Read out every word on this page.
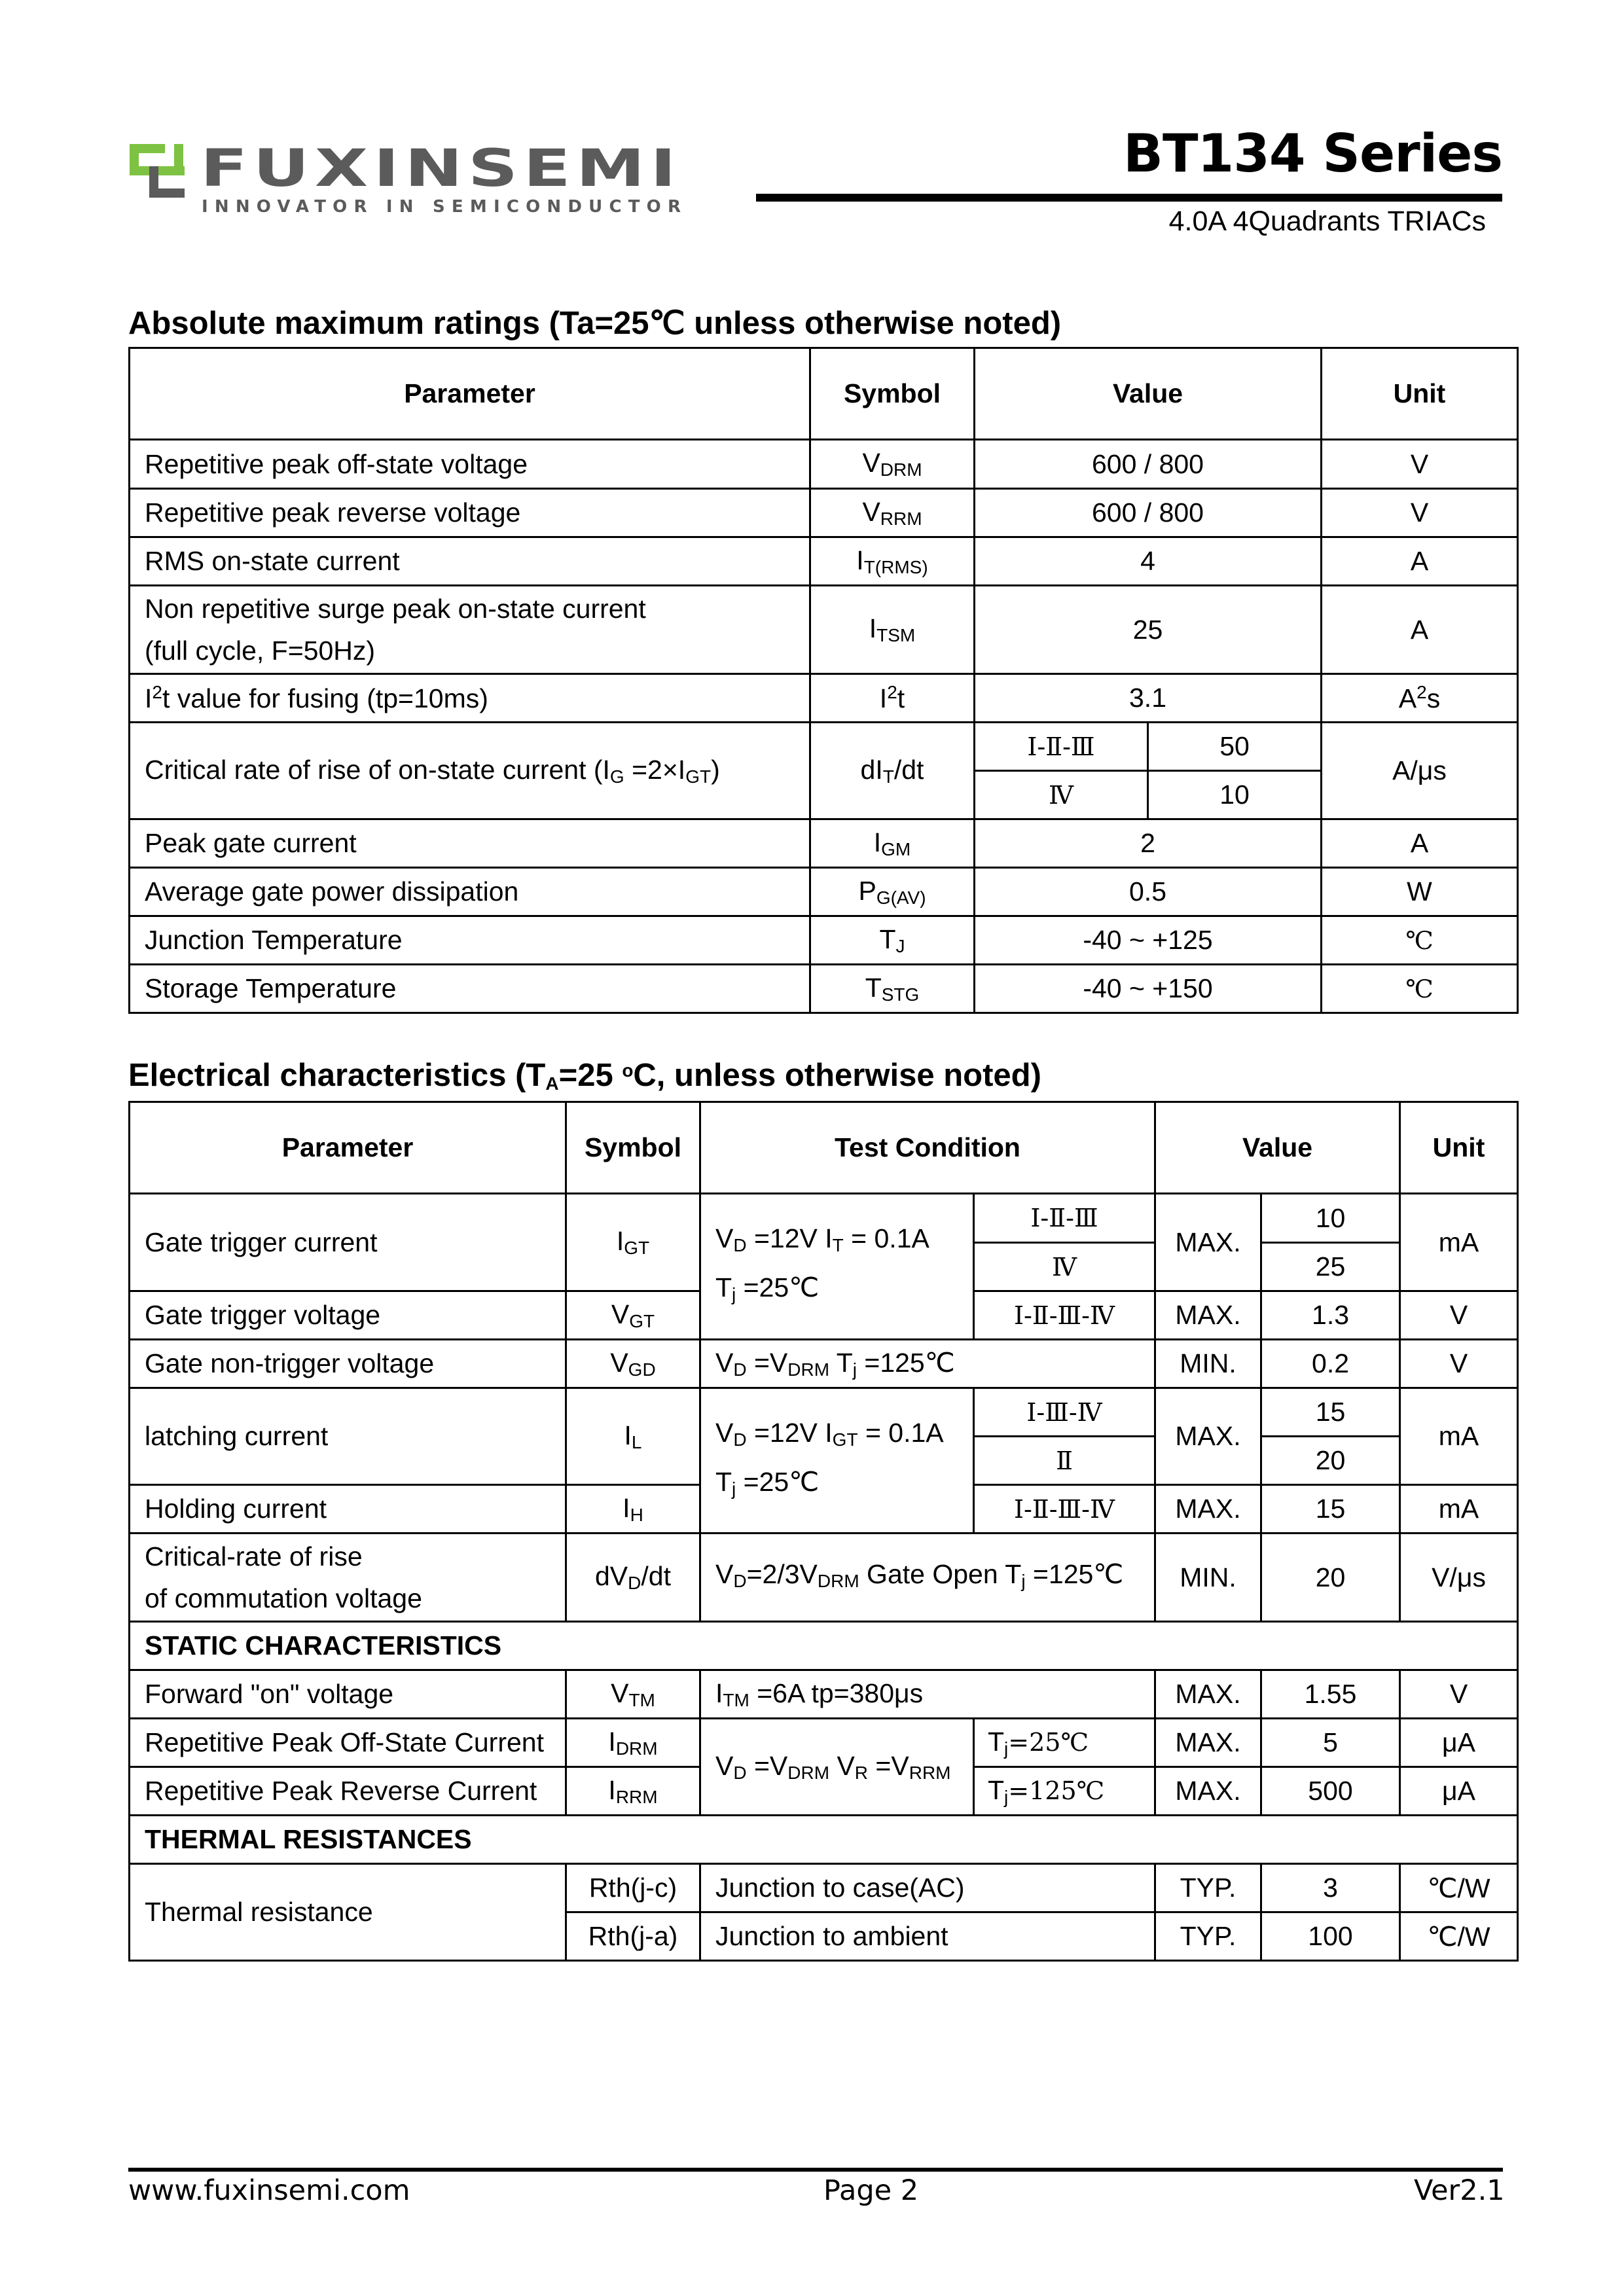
FUXINSEMI
INNOVATOR IN SEMICONDUCTOR
BT134 Series
4.0A 4Quadrants TRIACs
Absolute maximum ratings (Ta=25℃ unless otherwise noted)
Parameter	Symbol	Value		Unit
Repetitive peak off-state voltage	$V_{DRM}$	600 / 800		V
Repetitive peak reverse voltage	$V_{RRM}$	600 / 800		V
RMS on-state current	$I_{T(RMS)}$	4		A

Non repetitive surge peak on-state current
(full cycle, F=50Hz)	$I_{TSM}$	25		A
$I^2t$ value for fusing (tp=10ms)	$I^2t$	3.1		$A^2s$
Critical rate of rise of on-state current $(I_G =2\times I_{GT})$	$dI_T/dt$	Ⅰ-Ⅱ-Ⅲ	50	A/μs
		Ⅳ	10	
Peak gate current	$I_{GM}$	2		A
Average gate power dissipation	$P_{G(AV)}$	0.5		W
Junction Temperature	$T_J$	-40 ~ +125		℃
Storage Temperature	$T_{STG}$	-40 ~ +150		℃
Electrical characteristics ($T_A=25$ $^o$C, unless otherwise noted)
Parameter	Symbol	Test Condition		Value		Unit
Gate trigger current	$I_{GT}$	$V_D =12V$ $I_T = 0.1A$
$T_j$ =25℃	Ⅰ-Ⅱ-Ⅲ	MAX.	10	mA
			Ⅳ		25	
Gate trigger voltage	$V_{GT}$		Ⅰ-Ⅱ-Ⅲ-Ⅳ	MAX.	1.3	V
Gate non-trigger voltage	$V_{GD}$	$V_D =V_{DRM}$ $T_j$ =125℃		MIN.	0.2	V
latching current	$I_L$	$V_D =12V$ $I_{GT} = 0.1A$
$T_j$ =25℃	Ⅰ-Ⅲ-Ⅳ	MAX.	15	mA
			Ⅱ		20	
Holding current	$I_H$		Ⅰ-Ⅱ-Ⅲ-Ⅳ	MAX.	15	mA

Critical-rate of rise
of commutation voltage	$dV_D/dt$	$V_D=2/3V_{DRM}$ Gate Open $T_j$ =125℃		MIN.	20	V/μs
STATIC CHARACTERISTICS						
Forward "on" voltage	$V_{TM}$	$I_{TM} =6A$ tp=380μs		MAX.	1.55	V
Repetitive Peak Off-State Current	$I_{DRM}$	$V_D =V_{DRM}$ $V_R =V_{RRM}$	$T_j=25℃$	MAX.	5	μA
Repetitive Peak Reverse Current	$I_{RRM}$		$T_j=125℃$	MAX.	500	μA
THERMAL RESISTANCES						
Thermal resistance	Rth(j-c)	Junction to case(AC)		TYP.	3	℃/W
	Rth(j-a)	Junction to ambient		TYP.	100	℃/W
www.fuxinsemi.com	Page 2	Ver2.1
